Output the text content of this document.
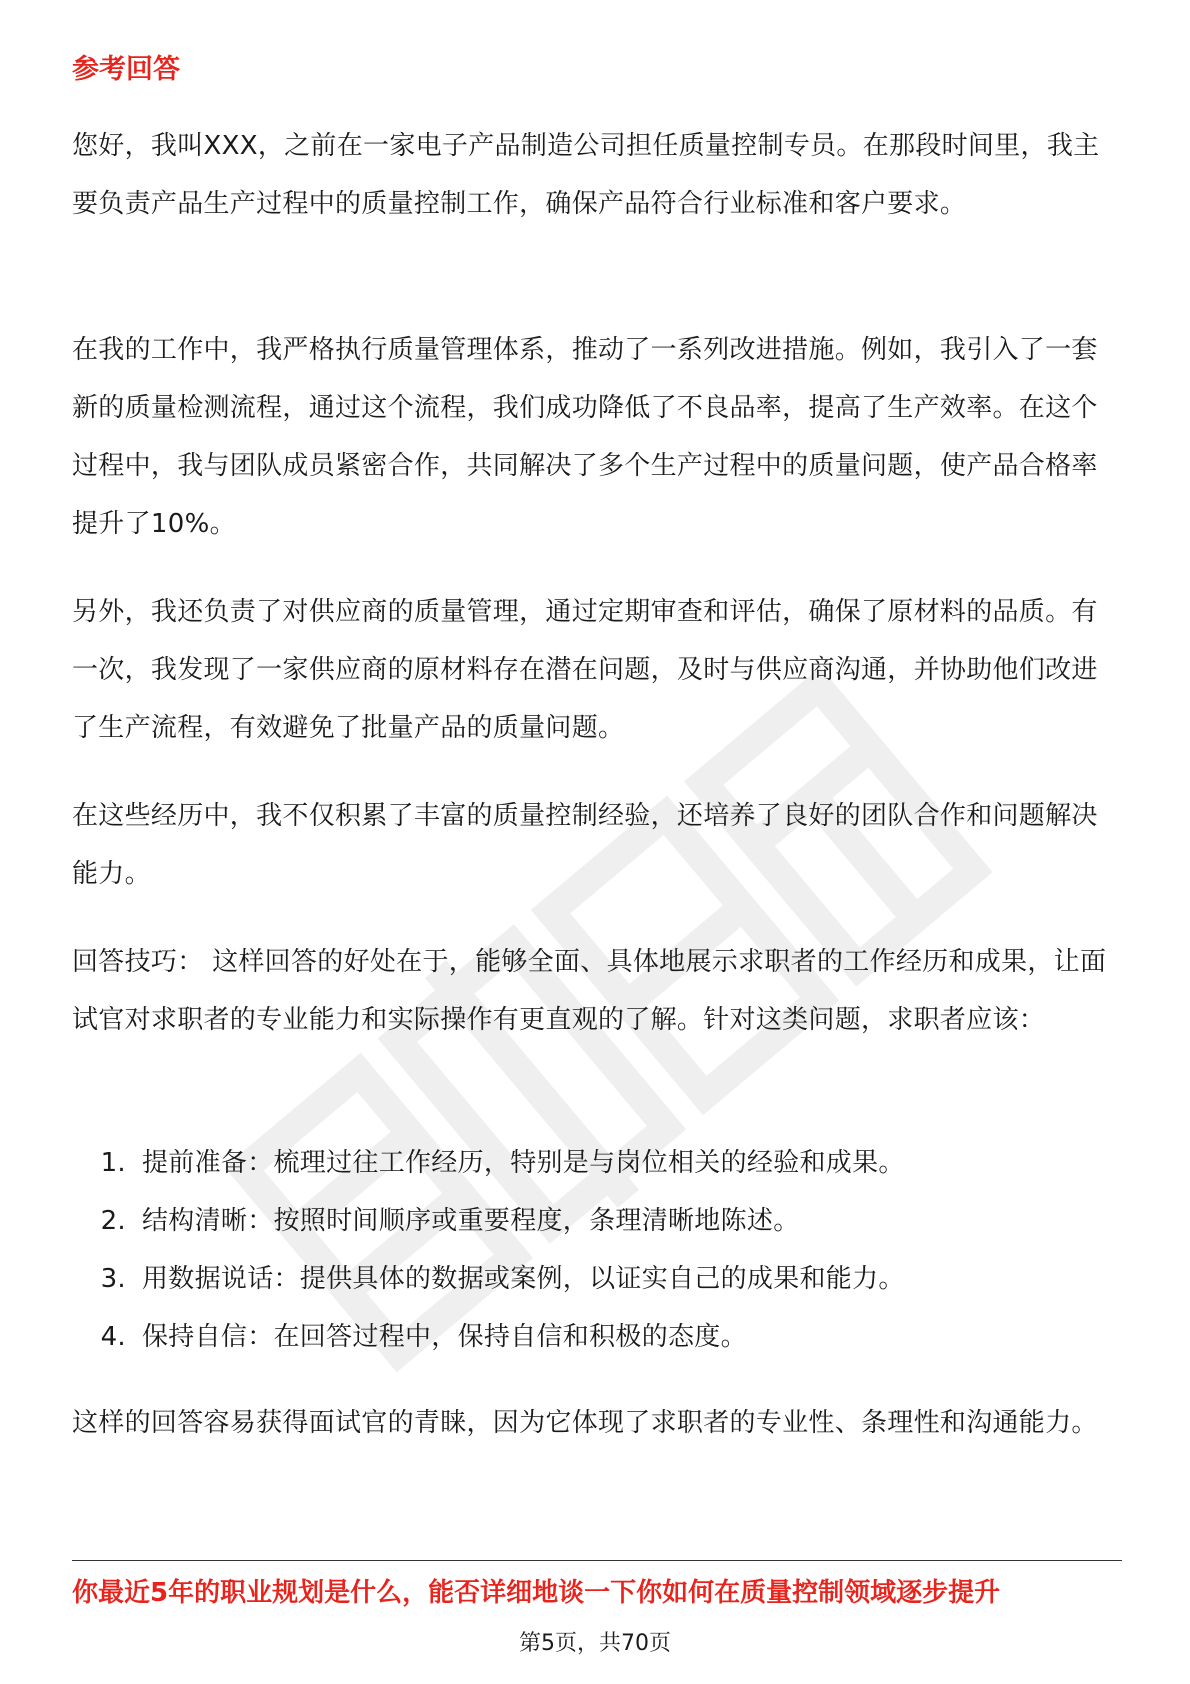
参考回答

您好，我叫XXX，之前在一家电子产品制造公司担任质量控制专员。在那段时间里，我主要负责产品生产过程中的质量控制工作，确保产品符合行业标准和客户要求。

在我的工作中，我严格执行质量管理体系，推动了一系列改进措施。例如，我引入了一套新的质量检测流程，通过这个流程，我们成功降低了不良品率，提高了生产效率。在这个过程中，我与团队成员紧密合作，共同解决了多个生产过程中的质量问题，使产品合格率提升了10%。

另外，我还负责了对供应商的质量管理，通过定期审查和评估，确保了原材料的品质。有一次，我发现了一家供应商的原材料存在潜在问题，及时与供应商沟通，并协助他们改进了生产流程，有效避免了批量产品的质量问题。

在这些经历中，我不仅积累了丰富的质量控制经验，还培养了良好的团队合作和问题解决能力。

回答技巧： 这样回答的好处在于，能够全面、具体地展示求职者的工作经历和成果，让面试官对求职者的专业能力和实际操作有更直观的了解。针对这类问题，求职者应该：

1. 提前准备：梳理过往工作经历，特别是与岗位相关的经验和成果。
2. 结构清晰：按照时间顺序或重要程度，条理清晰地陈述。
3. 用数据说话：提供具体的数据或案例，以证实自己的成果和能力。
4. 保持自信：在回答过程中，保持自信和积极的态度。

这样的回答容易获得面试官的青睐，因为它体现了求职者的专业性、条理性和沟通能力。

你最近5年的职业规划是什么，能否详细地谈一下你如何在质量控制领域逐步提升
第5页，共70页
